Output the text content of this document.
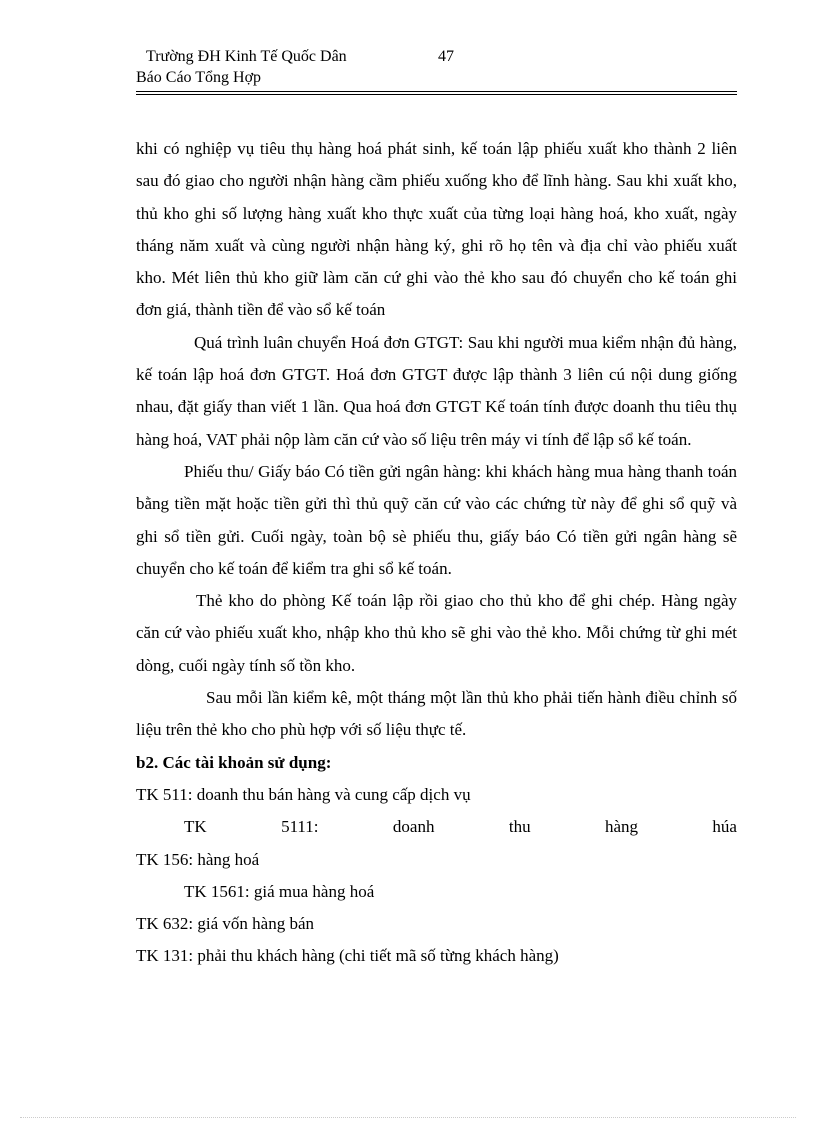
Trường ĐH Kinh Tế Quốc Dân	47
Báo Cáo Tổng Hợp

khi có nghiệp vụ tiêu thụ hàng hoá phát sinh, kế toán lập phiếu xuất kho thành 2 liên sau đó giao cho người nhận hàng cầm phiếu xuống kho để lĩnh hàng. Sau khi xuất kho, thủ kho ghi số lượng hàng xuất kho thực xuất của từng loại hàng hoá, kho xuất, ngày tháng năm xuất và cùng người nhận hàng ký, ghi rõ họ tên và địa chỉ vào phiếu xuất kho. Mét liên thủ kho giữ làm căn cứ ghi vào thẻ kho sau đó chuyển cho kế toán ghi đơn giá, thành tiền để vào sổ kế toán

Quá trình luân chuyển Hoá đơn GTGT: Sau khi người mua kiểm nhận đủ hàng, kế toán lập hoá đơn GTGT. Hoá đơn GTGT được lập thành 3 liên cú nội dung giống nhau, đặt giấy than viết 1 lần. Qua hoá đơn GTGT Kế toán tính được doanh thu tiêu thụ hàng hoá, VAT phải nộp làm căn cứ vào số liệu trên máy vi tính để lập sổ kế toán.

Phiếu thu/ Giấy báo Có tiền gửi ngân hàng: khi khách hàng mua hàng thanh toán bằng tiền mặt hoặc tiền gửi thì thủ quỹ căn cứ vào các chứng từ này để ghi sổ quỹ và ghi sổ tiền gửi. Cuối ngày, toàn bộ sè phiếu thu, giấy báo Có tiền gửi ngân hàng sẽ chuyển cho kế toán để kiểm tra ghi sổ kế toán.

Thẻ kho do phòng Kế toán lập rồi giao cho thủ kho để ghi chép. Hàng ngày căn cứ vào phiếu xuất kho, nhập kho thủ kho sẽ ghi vào thẻ kho. Mỗi chứng từ ghi mét dòng, cuối ngày tính số tồn kho.

Sau mỗi lần kiểm kê, một tháng một lần thủ kho phải tiến hành điều chỉnh số liệu trên thẻ kho cho phù hợp với số liệu thực tế.

b2. Các tài khoản sử dụng:

TK 511: doanh thu bán hàng và cung cấp dịch vụ

TK	5111:	doanh	thu	hàng	húa

TK 156: hàng hoá

TK 1561: giá mua hàng hoá

TK 632: giá vốn hàng bán

TK 131: phải thu khách hàng (chi tiết mã số từng khách hàng)
